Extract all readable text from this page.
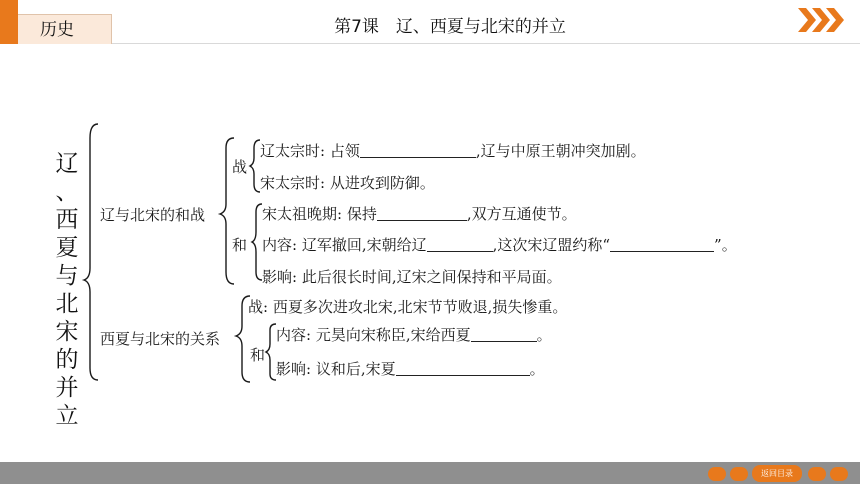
历史	第7课　辽、西夏与北宋的并立
辽
、
西
夏
与
北
宋
的
并
立
辽与北宋的和战
战
辽太宗时: 占领	,辽与中原王朝冲突加剧。
宋太宗时: 从进攻到防御。
和
宋太祖晚期: 保持	,双方互通使节。
内容: 辽军撤回,宋朝给辽	,这次宋辽盟约称“	”。
影响: 此后很长时间,辽宋之间保持和平局面。
西夏与北宋的关系
战: 西夏多次进攻北宋,北宋节节败退,损失惨重。
和
内容: 元昊向宋称臣,宋给西夏	。
影响: 议和后,宋夏	。
返回目录
